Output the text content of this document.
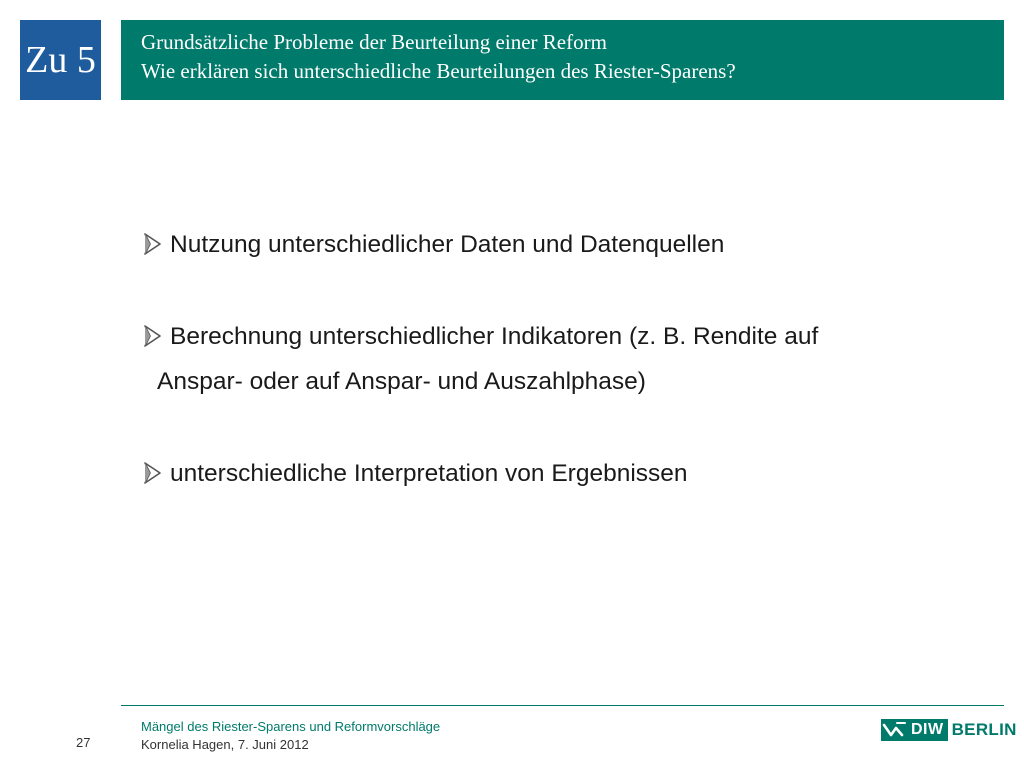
Zu 5 Grundsätzliche Probleme der Beurteilung einer Reform
Wie erklären sich unterschiedliche Beurteilungen des Riester-Sparens?
Nutzung unterschiedlicher Daten und Datenquellen
Berechnung unterschiedlicher Indikatoren (z. B. Rendite auf
Anspar- oder auf Anspar- und Auszahlphase)
unterschiedliche Interpretation von Ergebnissen
27
Mängel des Riester-Sparens und Reformvorschläge
Kornelia Hagen, 7. Juni 2012
DIW BERLIN
